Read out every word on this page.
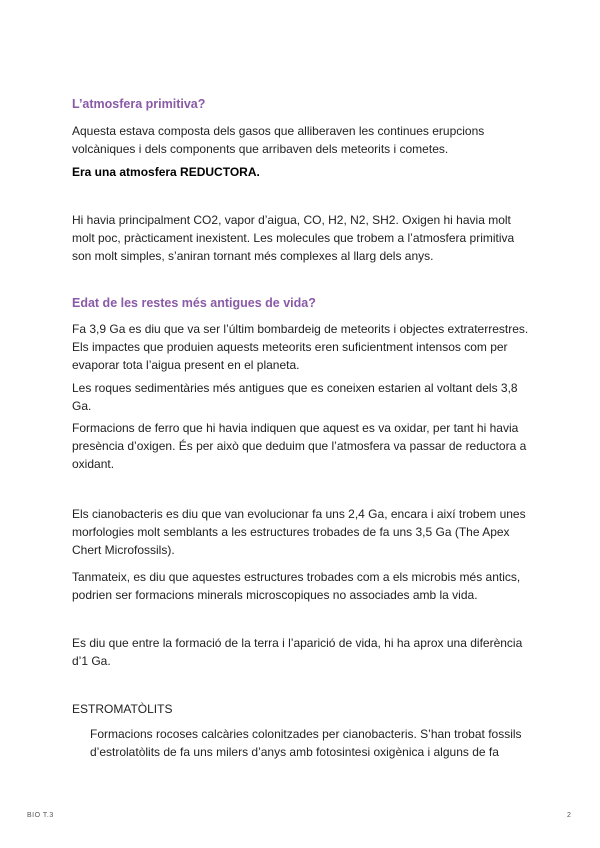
L’atmosfera primitiva?

Aquesta estava composta dels gasos que alliberaven les continues erupcions volcàniques i dels components que arribaven dels meteorits i cometes.

Era una atmosfera REDUCTORA.

Hi havia principalment CO2, vapor d’aigua, CO, H2, N2, SH2. Oxigen hi havia molt molt poc, pràcticament inexistent. Les molecules que trobem a l’atmosfera primitiva son molt simples, s’aniran tornant més complexes al llarg dels anys.

Edat de les restes més antigues de vida?

Fa 3,9 Ga es diu que va ser l’últim bombardeig de meteorits i objectes extraterrestres. Els impactes que produien aquests meteorits eren suficientment intensos com per evaporar tota l’aigua present en el planeta.

Les roques sedimentàries més antigues que es coneixen estarien al voltant dels 3,8 Ga.

Formacions de ferro que hi havia indiquen que aquest es va oxidar, per tant hi havia presència d’oxigen. És per això que deduim que l’atmosfera va passar de reductora a oxidant.

Els cianobacteris es diu que van evolucionar fa uns 2,4 Ga, encara i així trobem unes morfologies molt semblants a les estructures trobades de fa uns 3,5 Ga (The Apex Chert Microfossils).

Tanmateix, es diu que aquestes estructures trobades com a els microbis més antics, podrien ser formacions minerals microscopiques no associades amb la vida.

Es diu que entre la formació de la terra i l’aparició de vida, hi ha aprox una diferència d’1 Ga.

ESTROMATÒLITS

Formacions rocoses calcàries colonitzades per cianobacteris. S’han trobat fossils d’estrolatòlits de fa uns milers d’anys amb fotosintesi oxigènica i alguns de fa

BIO T.3	2
